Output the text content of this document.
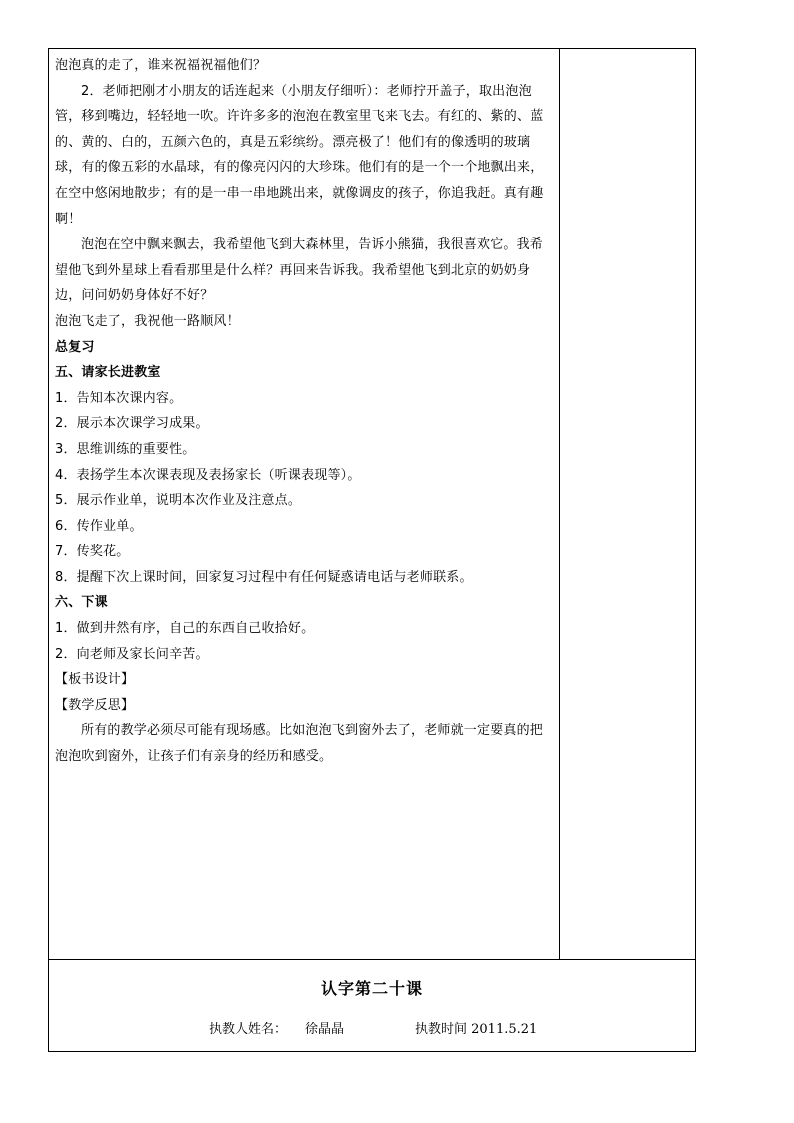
泡泡真的走了，谁来祝福祝福他们？

2．老师把刚才小朋友的话连起来（小朋友仔细听）：老师拧开盖子，取出泡泡管，移到嘴边，轻轻地一吹。许许多多的泡泡在教室里飞来飞去。有红的、紫的、蓝的、黄的、白的，五颜六色的，真是五彩缤纷。漂亮极了！他们有的像透明的玻璃球，有的像五彩的水晶球，有的像亮闪闪的大珍珠。他们有的是一个一个地飘出来，在空中悠闲地散步；有的是一串一串地跳出来，就像调皮的孩子，你追我赶。真有趣啊！

泡泡在空中飘来飘去，我希望他飞到大森林里，告诉小熊猫，我很喜欢它。我希望他飞到外星球上看看那里是什么样？再回来告诉我。我希望他飞到北京的奶奶身边，问问奶奶身体好不好？

泡泡飞走了，我祝他一路顺风！

总复习

五、请家长进教室

1．告知本次课内容。

2．展示本次课学习成果。

3．思维训练的重要性。

4．表扬学生本次课表现及表扬家长（听课表现等）。

5．展示作业单，说明本次作业及注意点。

6．传作业单。

7．传奖花。

8．提醒下次上课时间，回家复习过程中有任何疑惑请电话与老师联系。

六、下课

1．做到井然有序，自己的东西自己收拾好。

2．向老师及家长问辛苦。

【板书设计】

【教学反思】

所有的教学必须尽可能有现场感。比如泡泡飞到窗外去了，老师就一定要真的把泡泡吹到窗外，让孩子们有亲身的经历和感受。

认字第二十课
执教人姓名： 徐晶晶	执教时间 2011.5.21
